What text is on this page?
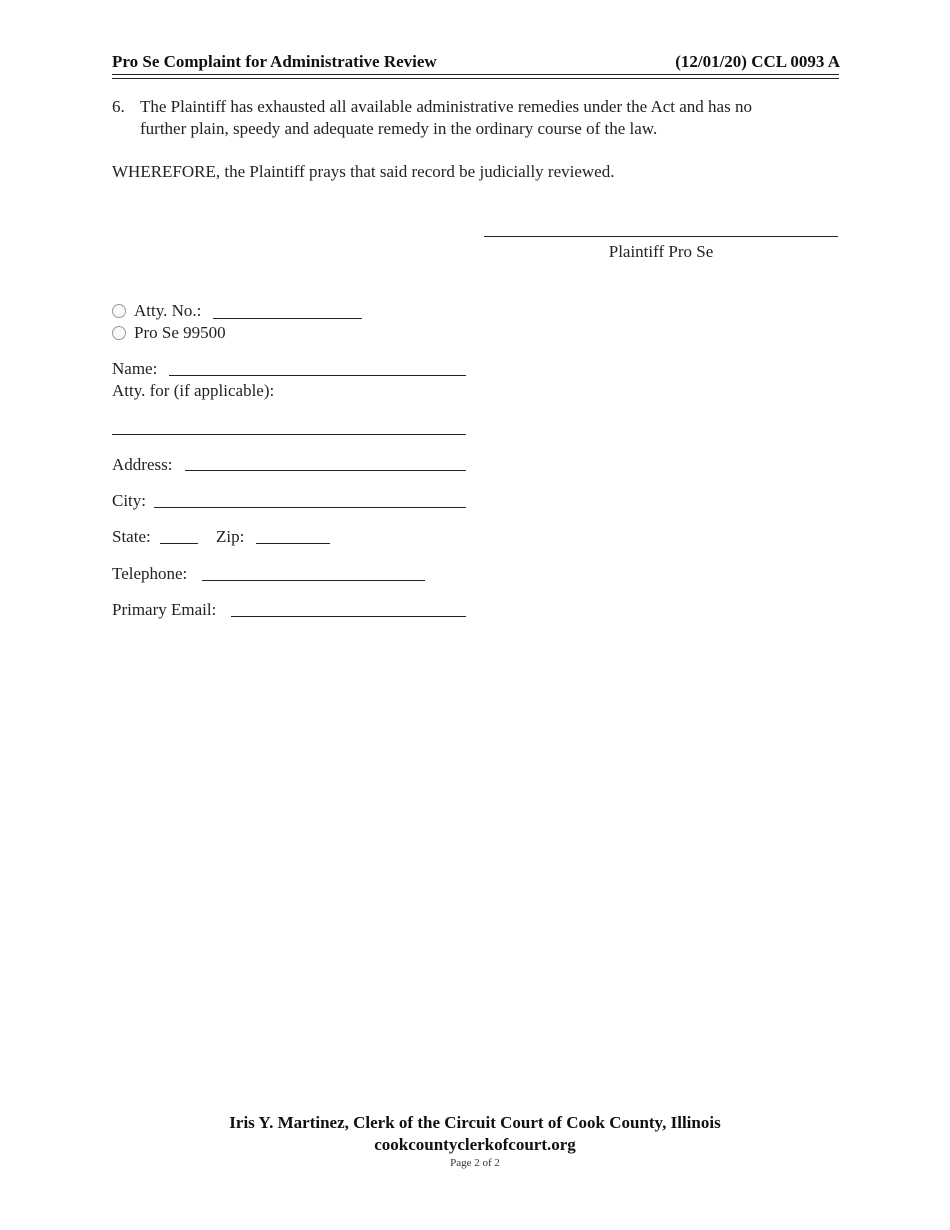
Pro Se Complaint for Administrative Review	(12/01/20) CCL 0093 A
6. The Plaintiff has exhausted all available administrative remedies under the Act and has no
further plain, speedy and adequate remedy in the ordinary course of the law.
WHEREFORE, the Plaintiff prays that said record be judicially reviewed.
Plaintiff Pro Se
Atty. No.:
Pro Se 99500
Name:
Atty. for (if applicable):
Address:
City:
State:	Zip:
Telephone:
Primary Email:
Iris Y. Martinez, Clerk of the Circuit Court of Cook County, Illinois
cookcountyclerkofcourt.org
Page 2 of 2
